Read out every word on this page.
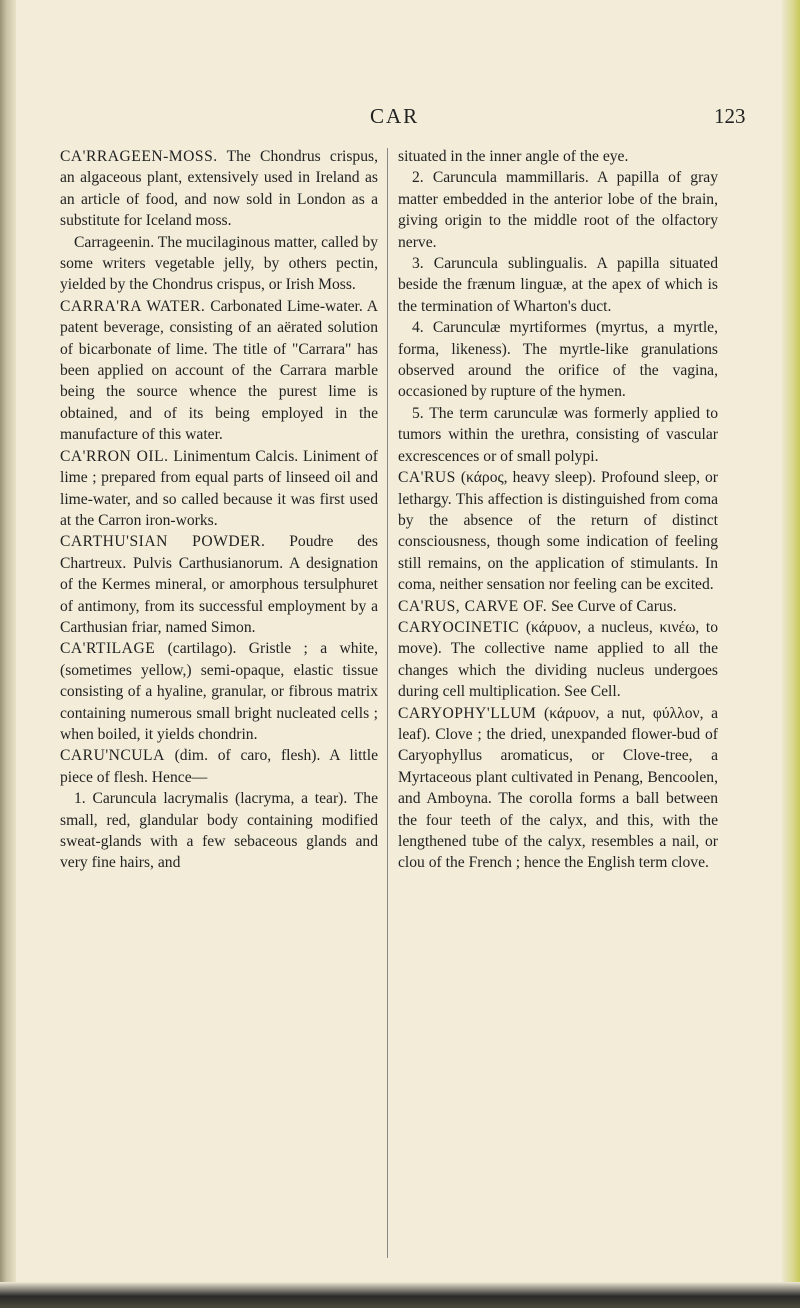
CAR	123

CA'RRAGEEN-MOSS. The Chondrus crispus, an algaceous plant, extensively used in Ireland as an article of food, and now sold in London as a substitute for Iceland moss.

Carrageenin. The mucilaginous matter, called by some writers vegetable jelly, by others pectin, yielded by the Chondrus crispus, or Irish Moss.

CARRA'RA WATER. Carbonated Lime-water. A patent beverage, consisting of an aërated solution of bicarbonate of lime. The title of "Carrara" has been applied on account of the Carrara marble being the source whence the purest lime is obtained, and of its being employed in the manufacture of this water.

CA'RRON OIL. Linimentum Calcis. Liniment of lime ; prepared from equal parts of linseed oil and lime-water, and so called because it was first used at the Carron iron-works.

CARTHU'SIAN POWDER. Poudre des Chartreux. Pulvis Carthusianorum. A designation of the Kermes mineral, or amorphous tersulphuret of antimony, from its successful employment by a Carthusian friar, named Simon.

CA'RTILAGE (cartilago). Gristle ; a white, (sometimes yellow,) semi-opaque, elastic tissue consisting of a hyaline, granular, or fibrous matrix containing numerous small bright nucleated cells ; when boiled, it yields chondrin.

CARU'NCULA (dim. of caro, flesh). A little piece of flesh. Hence—

1. Caruncula lacrymalis (lacryma, a tear). The small, red, glandular body containing modified sweat-glands with a few sebaceous glands and very fine hairs, and

situated in the inner angle of the eye.

2. Caruncula mammillaris. A papilla of gray matter embedded in the anterior lobe of the brain, giving origin to the middle root of the olfactory nerve.

3. Caruncula sublingualis. A papilla situated beside the frænum linguæ, at the apex of which is the termination of Wharton's duct.

4. Carunculæ myrtiformes (myrtus, a myrtle, forma, likeness). The myrtle-like granulations observed around the orifice of the vagina, occasioned by rupture of the hymen.

5. The term carunculæ was formerly applied to tumors within the urethra, consisting of vascular excrescences or of small polypi.

CA'RUS (κάρος, heavy sleep). Profound sleep, or lethargy. This affection is distinguished from coma by the absence of the return of distinct consciousness, though some indication of feeling still remains, on the application of stimulants. In coma, neither sensation nor feeling can be excited.

CA'RUS, CARVE OF. See Curve of Carus.

CARYOCINETIC (κάρυον, a nucleus, κινέω, to move). The collective name applied to all the changes which the dividing nucleus undergoes during cell multiplication. See Cell.

CARYOPHY'LLUM (κάρυον, a nut, φύλλον, a leaf). Clove ; the dried, unexpanded flower-bud of Caryophyllus aromaticus, or Clove-tree, a Myrtaceous plant cultivated in Penang, Bencoolen, and Amboyna. The corolla forms a ball between the four teeth of the calyx, and this, with the lengthened tube of the calyx, resembles a nail, or clou of the French ; hence the English term clove.
